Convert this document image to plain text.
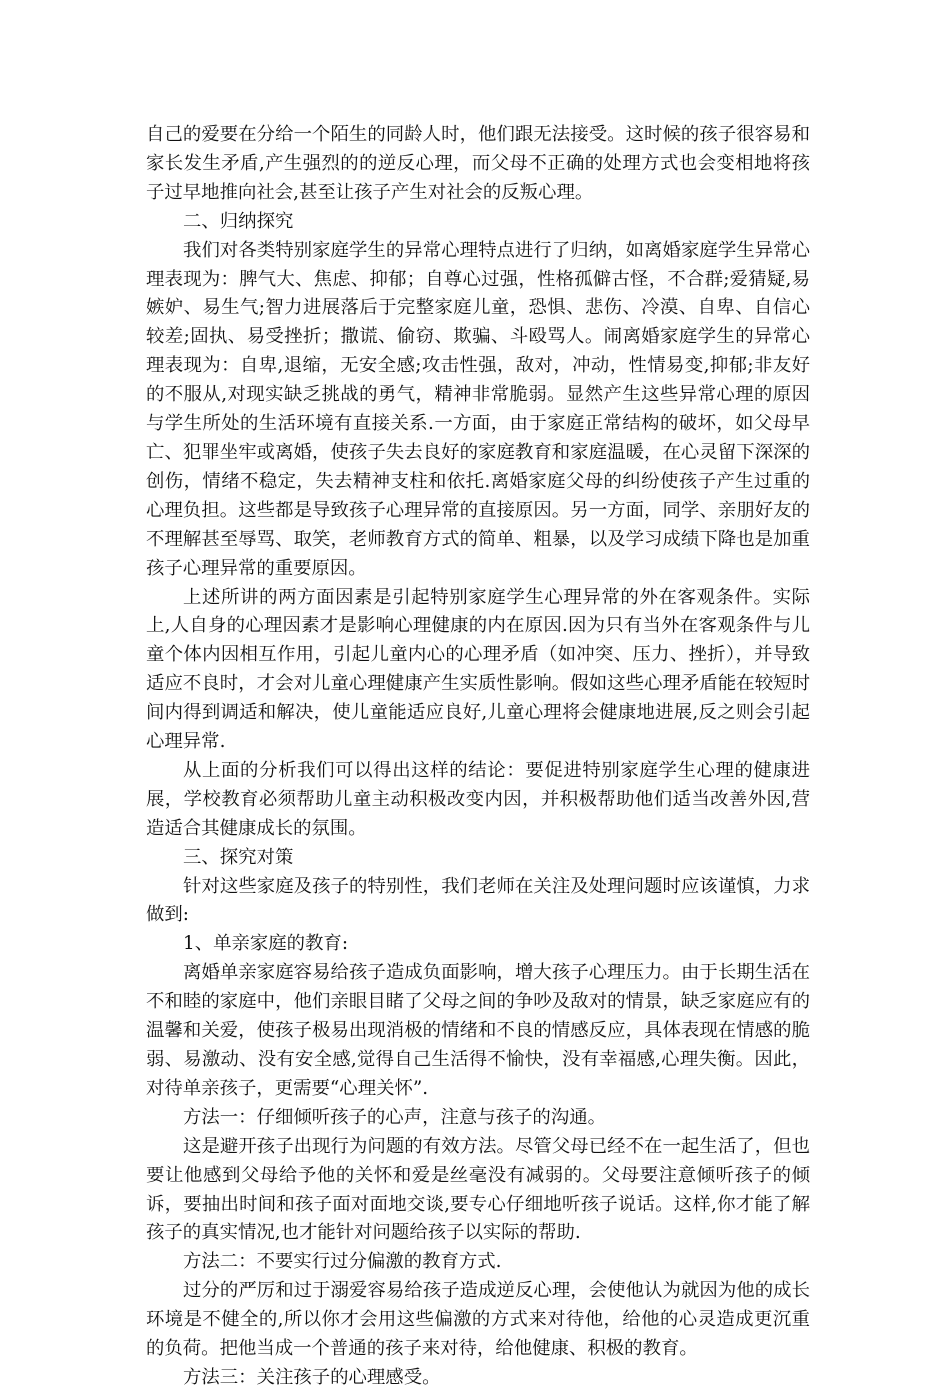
自己的爱要在分给一个陌生的同龄人时，他们跟无法接受。这时候的孩子很容易和家长发生矛盾,产生强烈的的逆反心理，而父母不正确的处理方式也会变相地将孩子过早地推向社会,甚至让孩子产生对社会的反叛心理。

二、归纳探究

我们对各类特别家庭学生的异常心理特点进行了归纳，如离婚家庭学生异常心理表现为：脾气大、焦虑、抑郁；自尊心过强，性格孤僻古怪，不合群;爱猜疑,易嫉妒、易生气;智力进展落后于完整家庭儿童，恐惧、悲伤、冷漠、自卑、自信心较差;固执、易受挫折；撒谎、偷窃、欺骗、斗殴骂人。闹离婚家庭学生的异常心理表现为：自卑,退缩，无安全感;攻击性强，敌对，冲动，性情易变,抑郁;非友好的不服从,对现实缺乏挑战的勇气，精神非常脆弱。显然产生这些异常心理的原因与学生所处的生活环境有直接关系.一方面，由于家庭正常结构的破坏，如父母早亡、犯罪坐牢或离婚，使孩子失去良好的家庭教育和家庭温暖，在心灵留下深深的创伤，情绪不稳定，失去精神支柱和依托.离婚家庭父母的纠纷使孩子产生过重的心理负担。这些都是导致孩子心理异常的直接原因。另一方面，同学、亲朋好友的不理解甚至辱骂、取笑，老师教育方式的简单、粗暴，以及学习成绩下降也是加重孩子心理异常的重要原因。

上述所讲的两方面因素是引起特别家庭学生心理异常的外在客观条件。实际上,人自身的心理因素才是影响心理健康的内在原因.因为只有当外在客观条件与儿童个体内因相互作用，引起儿童内心的心理矛盾（如冲突、压力、挫折），并导致适应不良时，才会对儿童心理健康产生实质性影响。假如这些心理矛盾能在较短时间内得到调适和解决，使儿童能适应良好,儿童心理将会健康地进展,反之则会引起心理异常.

从上面的分析我们可以得出这样的结论：要促进特别家庭学生心理的健康进展，学校教育必须帮助儿童主动积极改变内因，并积极帮助他们适当改善外因,营造适合其健康成长的氛围。

三、探究对策

针对这些家庭及孩子的特别性，我们老师在关注及处理问题时应该谨慎，力求做到:

1、单亲家庭的教育:

离婚单亲家庭容易给孩子造成负面影响，增大孩子心理压力。由于长期生活在不和睦的家庭中，他们亲眼目睹了父母之间的争吵及敌对的情景，缺乏家庭应有的温馨和关爱，使孩子极易出现消极的情绪和不良的情感反应，具体表现在情感的脆弱、易激动、没有安全感,觉得自己生活得不愉快，没有幸福感,心理失衡。因此，对待单亲孩子，更需要“心理关怀”.

方法一：仔细倾听孩子的心声，注意与孩子的沟通。

这是避开孩子出现行为问题的有效方法。尽管父母已经不在一起生活了，但也要让他感到父母给予他的关怀和爱是丝毫没有减弱的。父母要注意倾听孩子的倾诉，要抽出时间和孩子面对面地交谈,要专心仔细地听孩子说话。这样,你才能了解孩子的真实情况,也才能针对问题给孩子以实际的帮助.

方法二：不要实行过分偏激的教育方式.

过分的严厉和过于溺爱容易给孩子造成逆反心理，会使他认为就因为他的成长环境是不健全的,所以你才会用这些偏激的方式来对待他，给他的心灵造成更沉重的负荷。把他当成一个普通的孩子来对待，给他健康、积极的教育。

方法三：关注孩子的心理感受。
